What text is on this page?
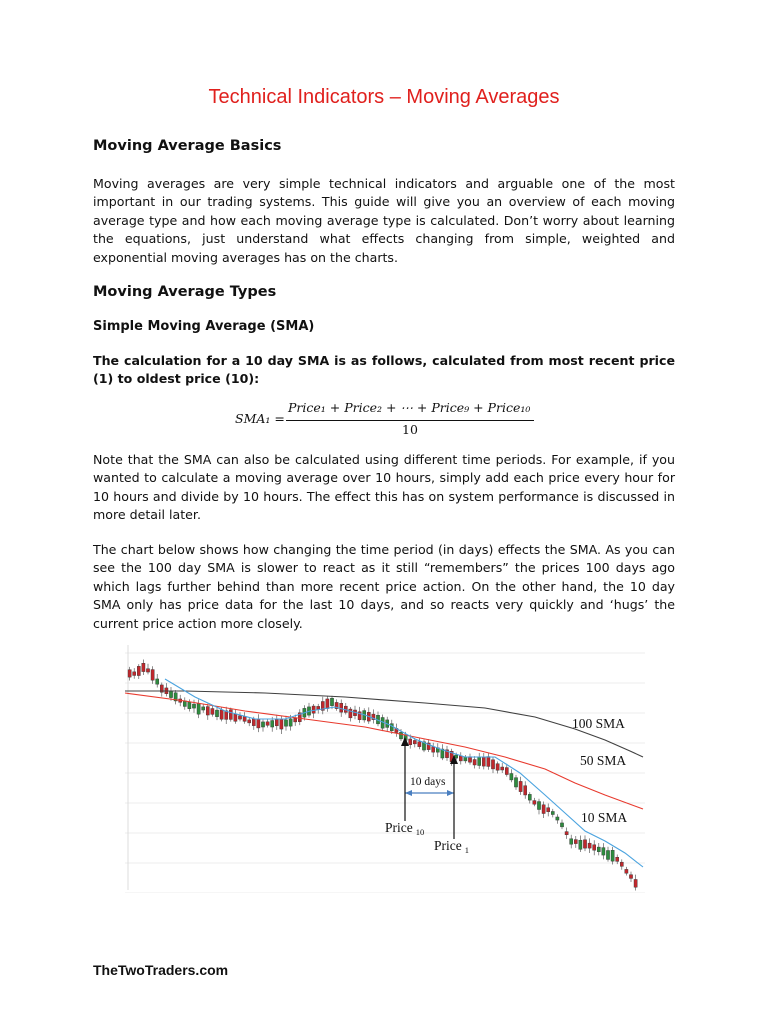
Technical Indicators – Moving Averages
Moving Average Basics
Moving averages are very simple technical indicators and arguable one of the most important in our trading systems. This guide will give you an overview of each moving average type and how each moving average type is calculated. Don’t worry about learning the equations, just understand what effects changing from simple, weighted and exponential moving averages has on the charts.
Moving Average Types
Simple Moving Average (SMA)
The calculation for a 10 day SMA is as follows, calculated from most recent price (1) to oldest price (10):
SMA₁ =
Price₁ + Price₂ + ⋯ + Price₉ + Price₁₀
10
Note that the SMA can also be calculated using different time periods. For example, if you wanted to calculate a moving average over 10 hours, simply add each price every hour for 10 hours and divide by 10 hours. The effect this has on system performance is discussed in more detail later.
The chart below shows how changing the time period (in days) effects the SMA. As you can see the 100 day SMA is slower to react as it still “remembers” the prices 100 days ago which lags further behind than more recent price action. On the other hand, the 10 day SMA only has price data for the last 10 days, and so reacts very quickly and ‘hugs’ the current price action more closely.
100 SMA
50 SMA
10 SMA
10 days
Price $_{10}$
Price $_1$
TheTwoTraders.com
